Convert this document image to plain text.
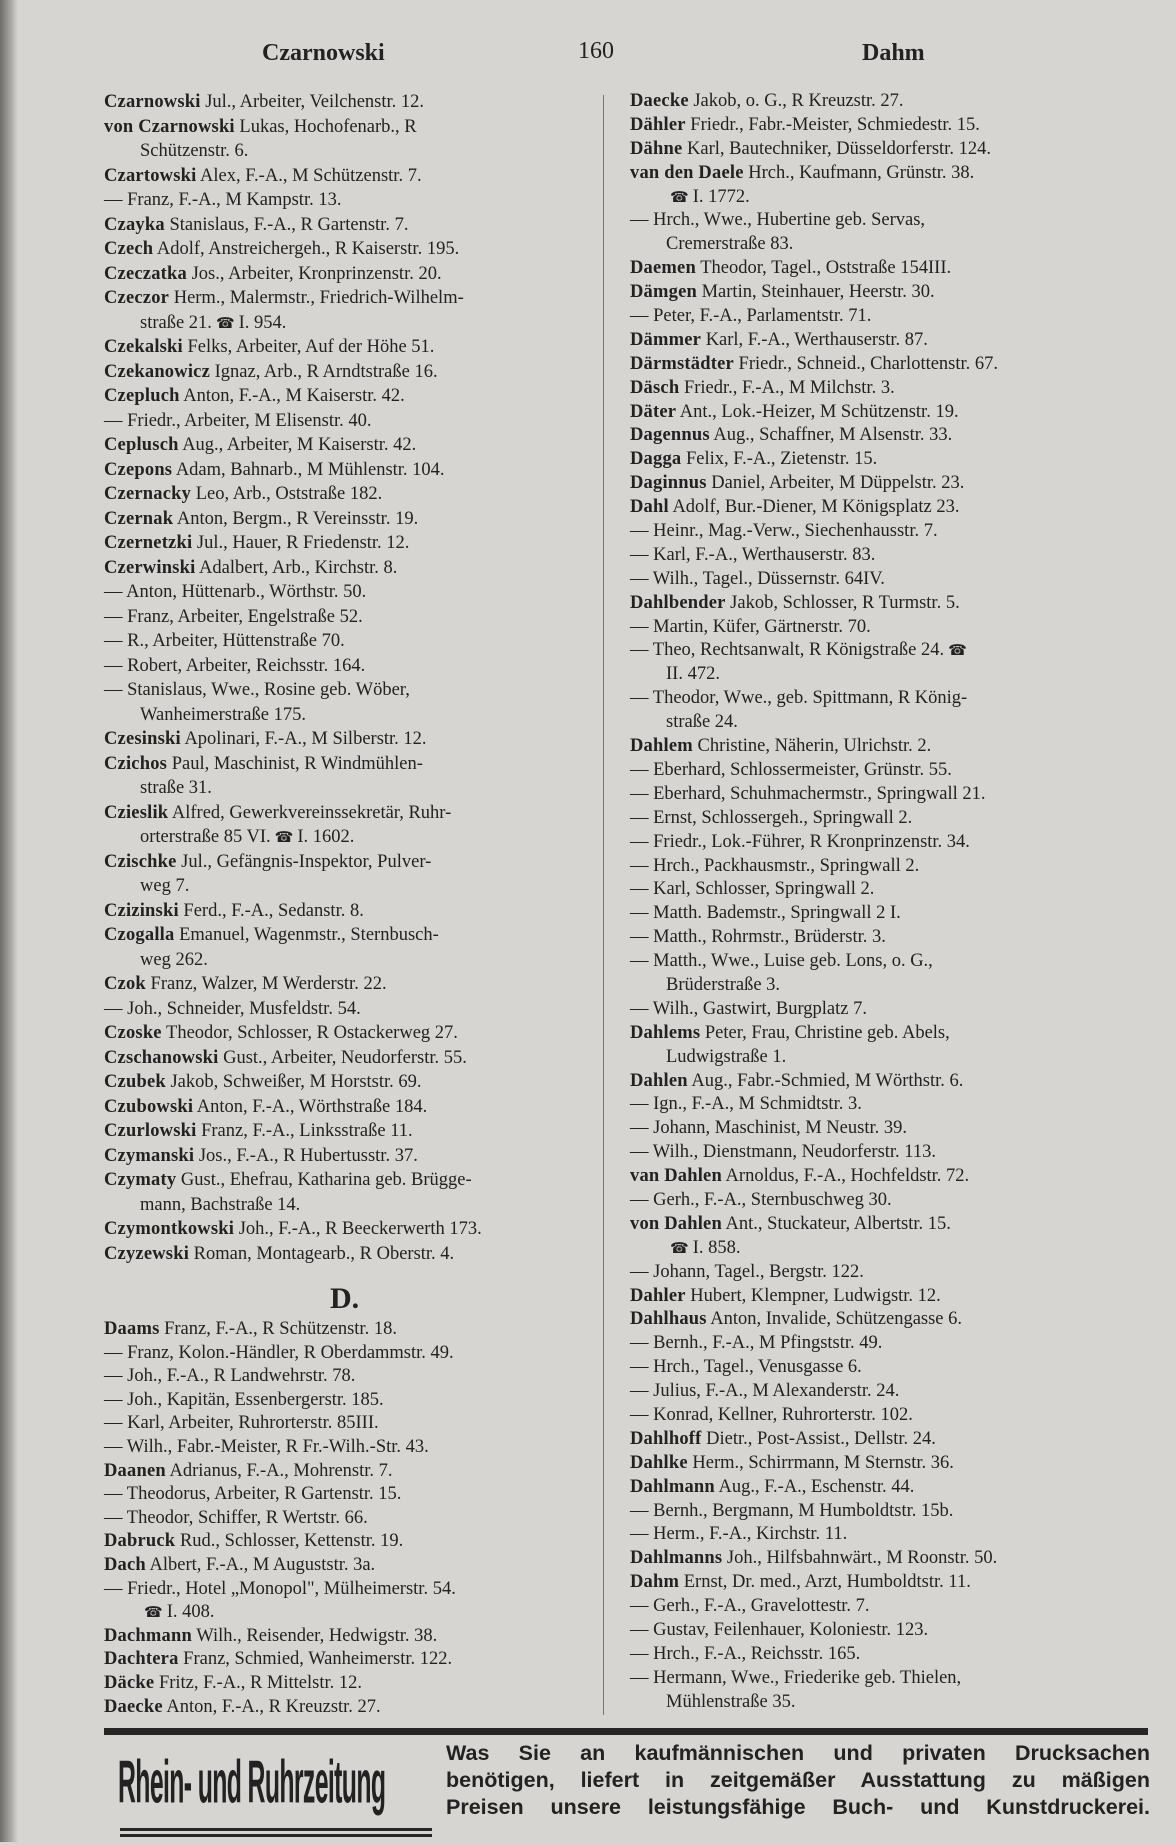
Czarnowski	160	Dahm
Czarnowski Jul., Arbeiter, Veilchenstr. 12.
von Czarnowski Lukas, Hochofenarb., R
Schützenstr. 6.
Czartowski Alex, F.-A., M Schützenstr. 7.
— Franz, F.-A., M Kampstr. 13.
Czayka Stanislaus, F.-A., R Gartenstr. 7.
Czech Adolf, Anstreichergeh., R Kaiserstr. 195.
Czeczatka Jos., Arbeiter, Kronprinzenstr. 20.
Czeczor Herm., Malermstr., Friedrich-Wilhelm-
straße 21. ☎ I. 954.
Czekalski Felks, Arbeiter, Auf der Höhe 51.
Czekanowicz Ignaz, Arb., R Arndtstraße 16.
Czepluch Anton, F.-A., M Kaiserstr. 42.
— Friedr., Arbeiter, M Elisenstr. 40.
Ceplusch Aug., Arbeiter, M Kaiserstr. 42.
Czepons Adam, Bahnarb., M Mühlenstr. 104.
Czernacky Leo, Arb., Oststraße 182.
Czernak Anton, Bergm., R Vereinsstr. 19.
Czernetzki Jul., Hauer, R Friedenstr. 12.
Czerwinski Adalbert, Arb., Kirchstr. 8.
— Anton, Hüttenarb., Wörthstr. 50.
— Franz, Arbeiter, Engelstraße 52.
— R., Arbeiter, Hüttenstraße 70.
— Robert, Arbeiter, Reichsstr. 164.
— Stanislaus, Wwe., Rosine geb. Wöber,
Wanheimerstraße 175.
Czesinski Apolinari, F.-A., M Silberstr. 12.
Czichos Paul, Maschinist, R Windmühlen-
straße 31.
Czieslik Alfred, Gewerkvereinssekretär, Ruhr-
orterstraße 85 VI. ☎ I. 1602.
Czischke Jul., Gefängnis-Inspektor, Pulver-
weg 7.
Czizinski Ferd., F.-A., Sedanstr. 8.
Czogalla Emanuel, Wagenmstr., Sternbusch-
weg 262.
Czok Franz, Walzer, M Werderstr. 22.
— Joh., Schneider, Musfeldstr. 54.
Czoske Theodor, Schlosser, R Ostackerweg 27.
Czschanowski Gust., Arbeiter, Neudorferstr. 55.
Czubek Jakob, Schweißer, M Horststr. 69.
Czubowski Anton, F.-A., Wörthstraße 184.
Czurlowski Franz, F.-A., Linksstraße 11.
Czymanski Jos., F.-A., R Hubertusstr. 37.
Czymaty Gust., Ehefrau, Katharina geb. Brügge-
mann, Bachstraße 14.
Czymontkowski Joh., F.-A., R Beeckerwerth 173.
Czyzewski Roman, Montagearb., R Oberstr. 4.
D.
Daams Franz, F.-A., R Schützenstr. 18.
— Franz, Kolon.-Händler, R Oberdammstr. 49.
— Joh., F.-A., R Landwehrstr. 78.
— Joh., Kapitän, Essenbergerstr. 185.
— Karl, Arbeiter, Ruhrorterstr. 85III.
— Wilh., Fabr.-Meister, R Fr.-Wilh.-Str. 43.
Daanen Adrianus, F.-A., Mohrenstr. 7.
— Theodorus, Arbeiter, R Gartenstr. 15.
— Theodor, Schiffer, R Wertstr. 66.
Dabruck Rud., Schlosser, Kettenstr. 19.
Dach Albert, F.-A., M Auguststr. 3a.
— Friedr., Hotel „Monopol", Mülheimerstr. 54.
☎ I. 408.
Dachmann Wilh., Reisender, Hedwigstr. 38.
Dachtera Franz, Schmied, Wanheimerstr. 122.
Däcke Fritz, F.-A., R Mittelstr. 12.
Daecke Anton, F.-A., R Kreuzstr. 27.
Daecke Jakob, o. G., R Kreuzstr. 27.
Dähler Friedr., Fabr.-Meister, Schmiedestr. 15.
Dähne Karl, Bautechniker, Düsseldorferstr. 124.
van den Daele Hrch., Kaufmann, Grünstr. 38.
☎ I. 1772.
— Hrch., Wwe., Hubertine geb. Servas,
Cremerstraße 83.
Daemen Theodor, Tagel., Oststraße 154III.
Dämgen Martin, Steinhauer, Heerstr. 30.
— Peter, F.-A., Parlamentstr. 71.
Dämmer Karl, F.-A., Werthauserstr. 87.
Därmstädter Friedr., Schneid., Charlottenstr. 67.
Däsch Friedr., F.-A., M Milchstr. 3.
Däter Ant., Lok.-Heizer, M Schützenstr. 19.
Dagennus Aug., Schaffner, M Alsenstr. 33.
Dagga Felix, F.-A., Zietenstr. 15.
Daginnus Daniel, Arbeiter, M Düppelstr. 23.
Dahl Adolf, Bur.-Diener, M Königsplatz 23.
— Heinr., Mag.-Verw., Siechenhausstr. 7.
— Karl, F.-A., Werthauserstr. 83.
— Wilh., Tagel., Düssernstr. 64IV.
Dahlbender Jakob, Schlosser, R Turmstr. 5.
— Martin, Küfer, Gärtnerstr. 70.
— Theo, Rechtsanwalt, R Königstraße 24. ☎
II. 472.
— Theodor, Wwe., geb. Spittmann, R König-
straße 24.
Dahlem Christine, Näherin, Ulrichstr. 2.
— Eberhard, Schlossermeister, Grünstr. 55.
— Eberhard, Schuhmachermstr., Springwall 21.
— Ernst, Schlossergeh., Springwall 2.
— Friedr., Lok.-Führer, R Kronprinzenstr. 34.
— Hrch., Packhausmstr., Springwall 2.
— Karl, Schlosser, Springwall 2.
— Matth. Bademstr., Springwall 2 I.
— Matth., Rohrmstr., Brüderstr. 3.
— Matth., Wwe., Luise geb. Lons, o. G.,
Brüderstraße 3.
— Wilh., Gastwirt, Burgplatz 7.
Dahlems Peter, Frau, Christine geb. Abels,
Ludwigstraße 1.
Dahlen Aug., Fabr.-Schmied, M Wörthstr. 6.
— Ign., F.-A., M Schmidtstr. 3.
— Johann, Maschinist, M Neustr. 39.
— Wilh., Dienstmann, Neudorferstr. 113.
van Dahlen Arnoldus, F.-A., Hochfeldstr. 72.
— Gerh., F.-A., Sternbuschweg 30.
von Dahlen Ant., Stuckateur, Albertstr. 15.
☎ I. 858.
— Johann, Tagel., Bergstr. 122.
Dahler Hubert, Klempner, Ludwigstr. 12.
Dahlhaus Anton, Invalide, Schützengasse 6.
— Bernh., F.-A., M Pfingststr. 49.
— Hrch., Tagel., Venusgasse 6.
— Julius, F.-A., M Alexanderstr. 24.
— Konrad, Kellner, Ruhrorterstr. 102.
Dahlhoff Dietr., Post-Assist., Dellstr. 24.
Dahlke Herm., Schirrmann, M Sternstr. 36.
Dahlmann Aug., F.-A., Eschenstr. 44.
— Bernh., Bergmann, M Humboldtstr. 15b.
— Herm., F.-A., Kirchstr. 11.
Dahlmanns Joh., Hilfsbahnwärt., M Roonstr. 50.
Dahm Ernst, Dr. med., Arzt, Humboldtstr. 11.
— Gerh., F.-A., Gravelottestr. 7.
— Gustav, Feilenhauer, Koloniestr. 123.
— Hrch., F.-A., Reichsstr. 165.
— Hermann, Wwe., Friederike geb. Thielen,
Mühlenstraße 35.
Rhein- und Ruhrzeitung	Was Sie an kaufmännischen und privaten Drucksachen
benötigen, liefert in zeitgemäßer Ausstattung zu mäßigen
Preisen unsere leistungsfähige Buch- und Kunstdruckerei.
